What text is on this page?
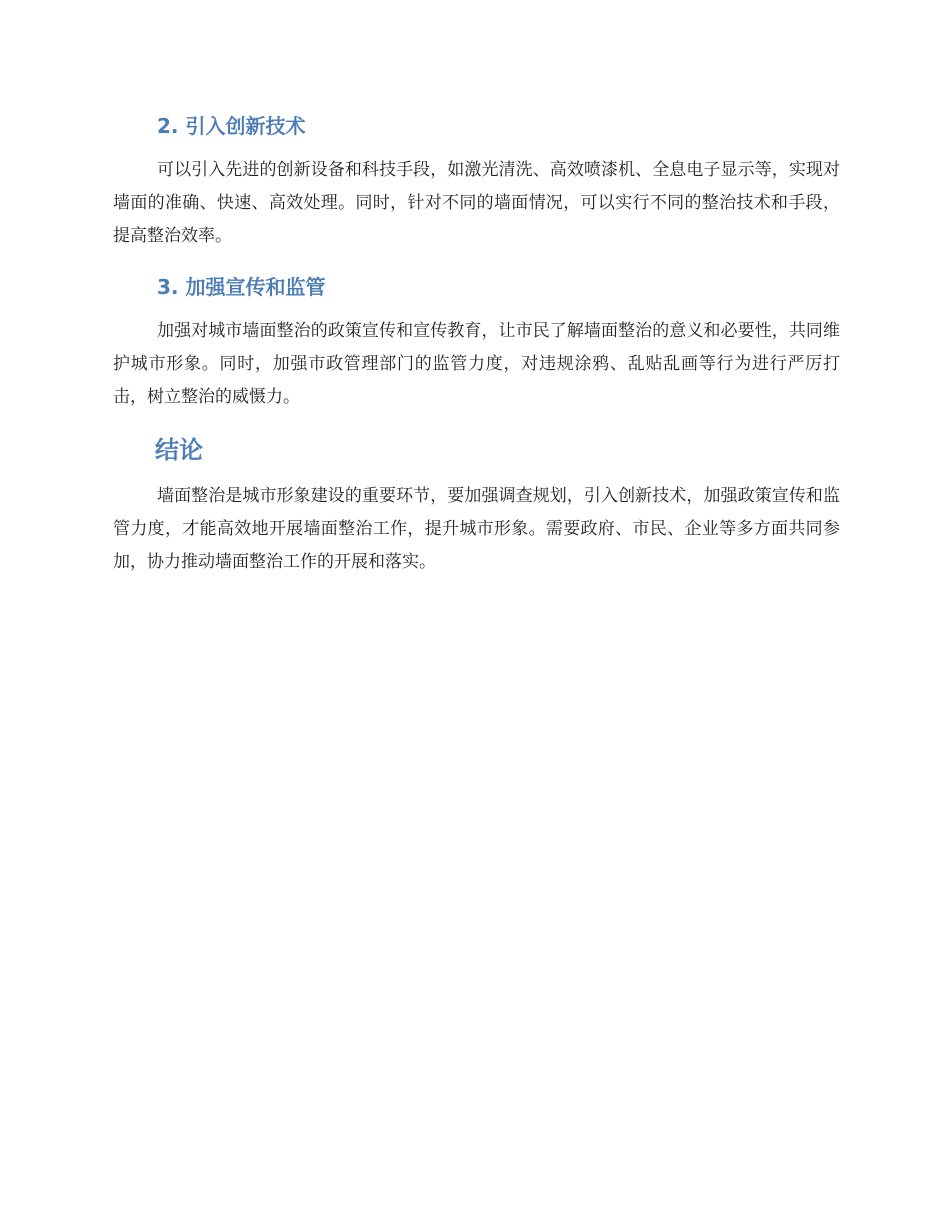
2. 引入创新技术

可以引入先进的创新设备和科技手段，如激光清洗、高效喷漆机、全息电子显示等，实现对墙面的准确、快速、高效处理。同时，针对不同的墙面情况，可以实行不同的整治技术和手段，提高整治效率。

3. 加强宣传和监管

加强对城市墙面整治的政策宣传和宣传教育，让市民了解墙面整治的意义和必要性，共同维护城市形象。同时，加强市政管理部门的监管力度，对违规涂鸦、乱贴乱画等行为进行严厉打击，树立整治的威慑力。

结论

墙面整治是城市形象建设的重要环节，要加强调查规划，引入创新技术，加强政策宣传和监管力度，才能高效地开展墙面整治工作，提升城市形象。需要政府、市民、企业等多方面共同参加，协力推动墙面整治工作的开展和落实。
